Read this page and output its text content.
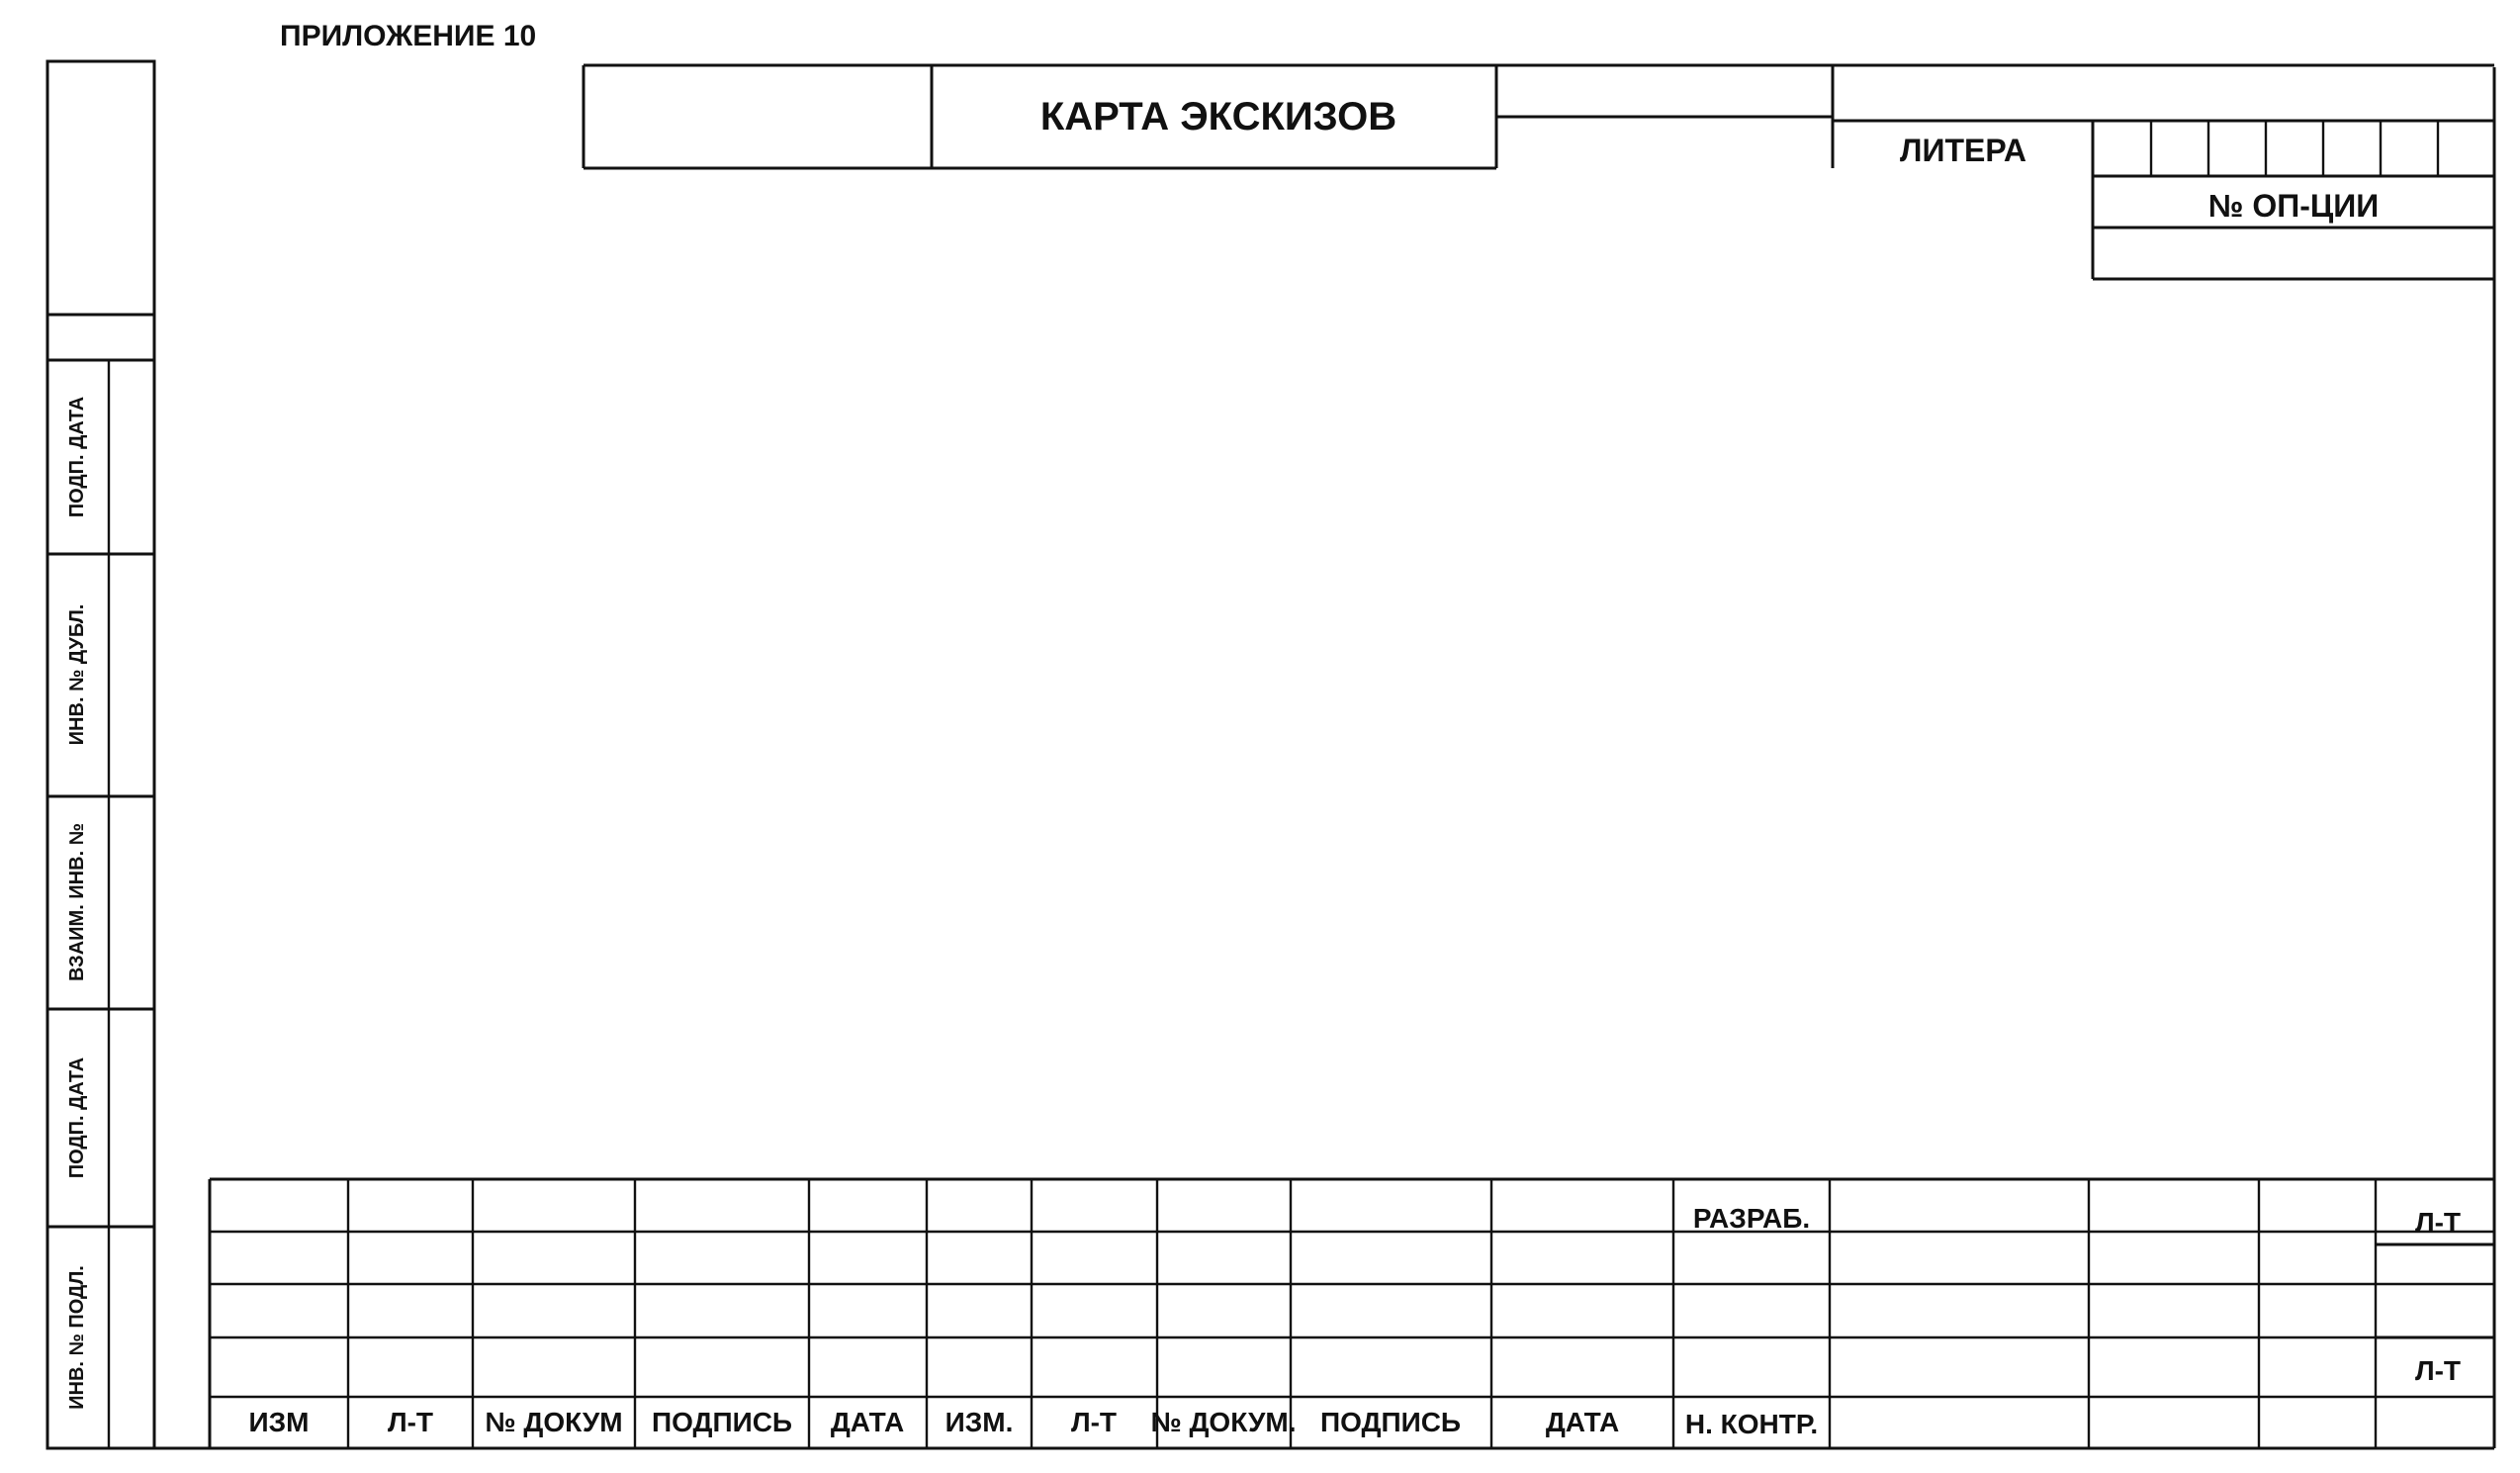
ПРИЛОЖЕНИЕ 10
КАРТА ЭКСКИЗОВ
ЛИТЕРА
№ ОП-ЦИИ
ПОДП. ДАТА
ИНВ. № ДУБЛ.
ВЗАИМ. ИНВ. №
ПОДП. ДАТА
ИНВ. № ПОДЛ.
ИЗМ	Л-Т № ДОКУМ ПОДПИСЬ ДАТА ИЗМ. Л-Т № ДОКУМ. ПОДПИСЬ	ДАТА
РАЗРАБ.
Н. КОНТР.
Л-Т
Л-Т
